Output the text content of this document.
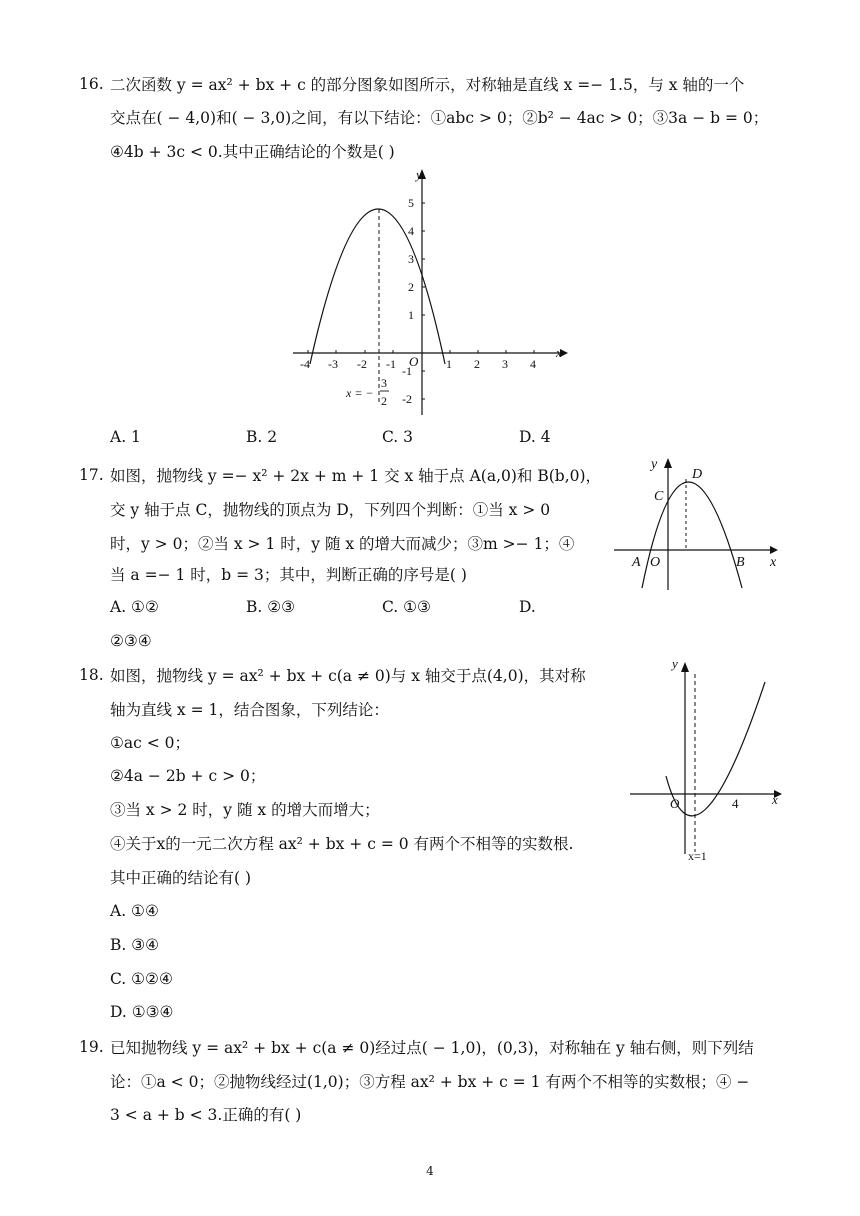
16. 二次函数 y = ax² + bx + c 的部分图象如图所示，对称轴是直线 x =− 1.5，与 x 轴的一个
交点在( − 4,0)和( − 3,0)之间，有以下结论：①abc > 0；②b² − 4ac > 0；③3a − b = 0；
④4b + 3c < 0.其中正确结论的个数是( )
y
x
O
-4 -3 -2 -1	1 2 3 4
5
4
3
2
1
-1
-2
x = −
3
2
A. 1	B. 2	C. 3	D. 4
17. 如图，抛物线 y =− x² + 2x + m + 1 交 x 轴于点 A(a,0)和 B(b,0)，
交 y 轴于点 C，抛物线的顶点为 D，下列四个判断：①当 x > 0
时，y > 0；②当 x > 1 时，y 随 x 的增大而减少；③m >− 1；④
当 a =− 1 时，b = 3；其中，判断正确的序号是( )
y
x
D
C
A O	B
A. ①②	B. ②③	C. ①③	D.
②③④
18. 如图，抛物线 y = ax² + bx + c(a ≠ 0)与 x 轴交于点(4,0)，其对称
轴为直线 x = 1，结合图象，下列结论：
①ac < 0；
②4a − 2b + c > 0；
③当 x > 2 时，y 随 x 的增大而增大；
④关于x的一元二次方程 ax² + bx + c = 0 有两个不相等的实数根.
其中正确的结论有( )
y
x
O	4
x=1
A. ①④
B. ③④
C. ①②④
D. ①③④
19. 已知抛物线 y = ax² + bx + c(a ≠ 0)经过点( − 1,0)，(0,3)，对称轴在 y 轴右侧，则下列结
论：①a < 0；②抛物线经过(1,0)；③方程 ax² + bx + c = 1 有两个不相等的实数根；④ −
3 < a + b < 3.正确的有( )
4
